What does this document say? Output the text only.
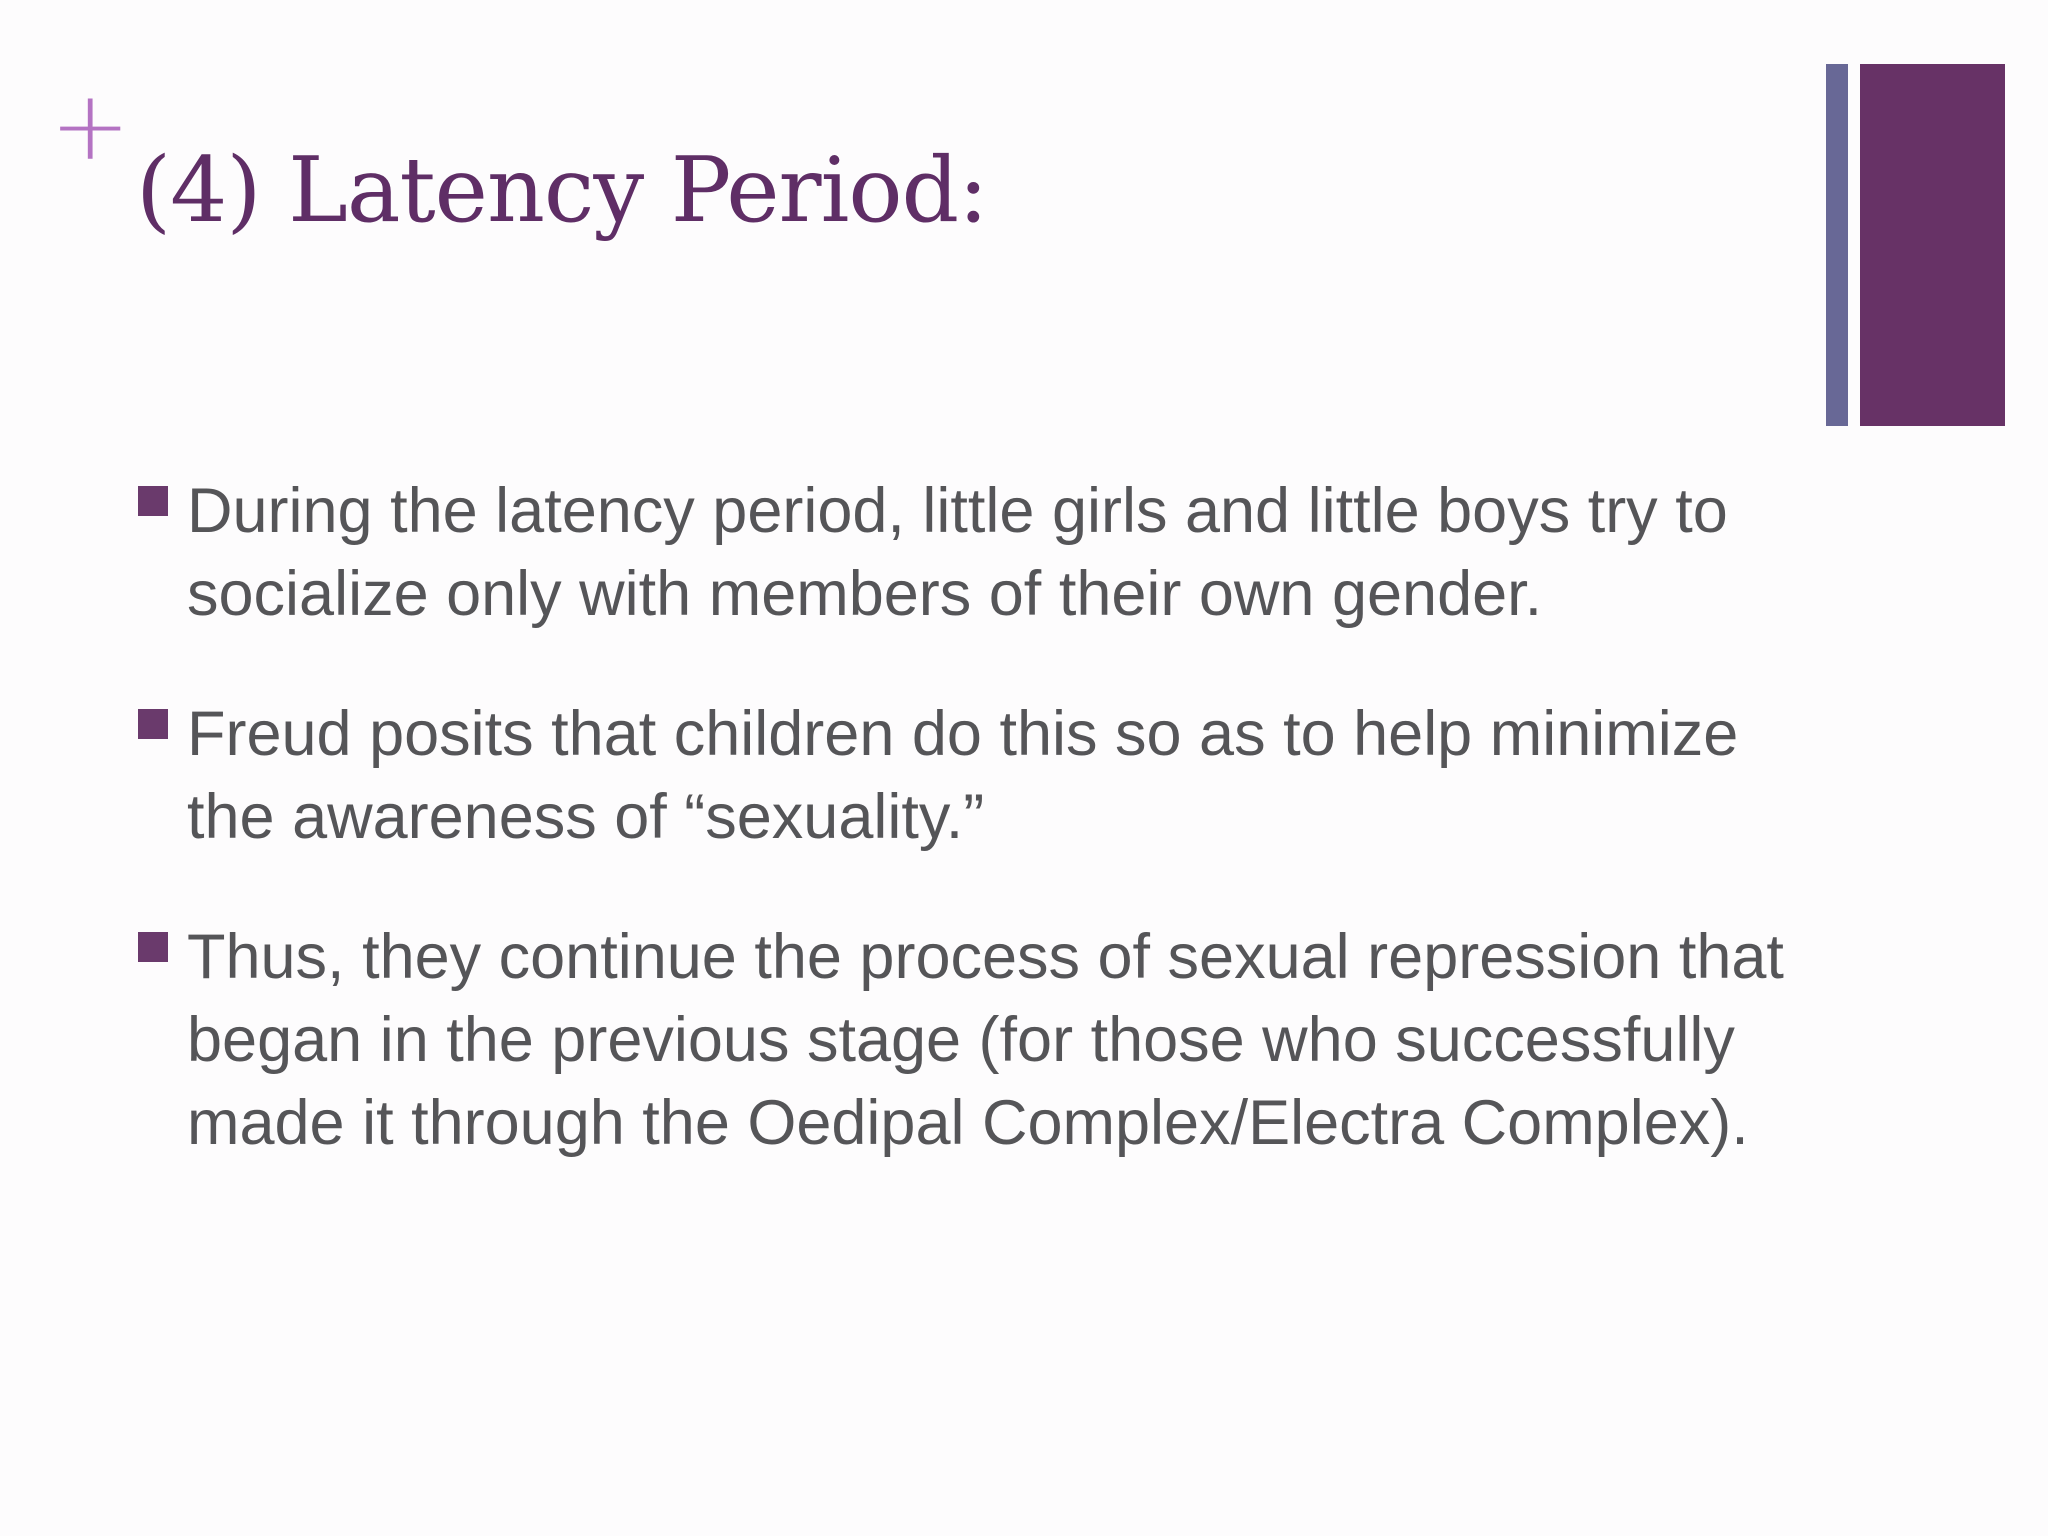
+
(4) Latency Period:
During the latency period, little girls and little boys try to socialize only with members of their own gender.
Freud posits that children do this so as to help minimize the awareness of “sexuality.”
Thus, they continue the process of sexual repression that began in the previous stage (for those who successfully made it through the Oedipal Complex/Electra Complex).
